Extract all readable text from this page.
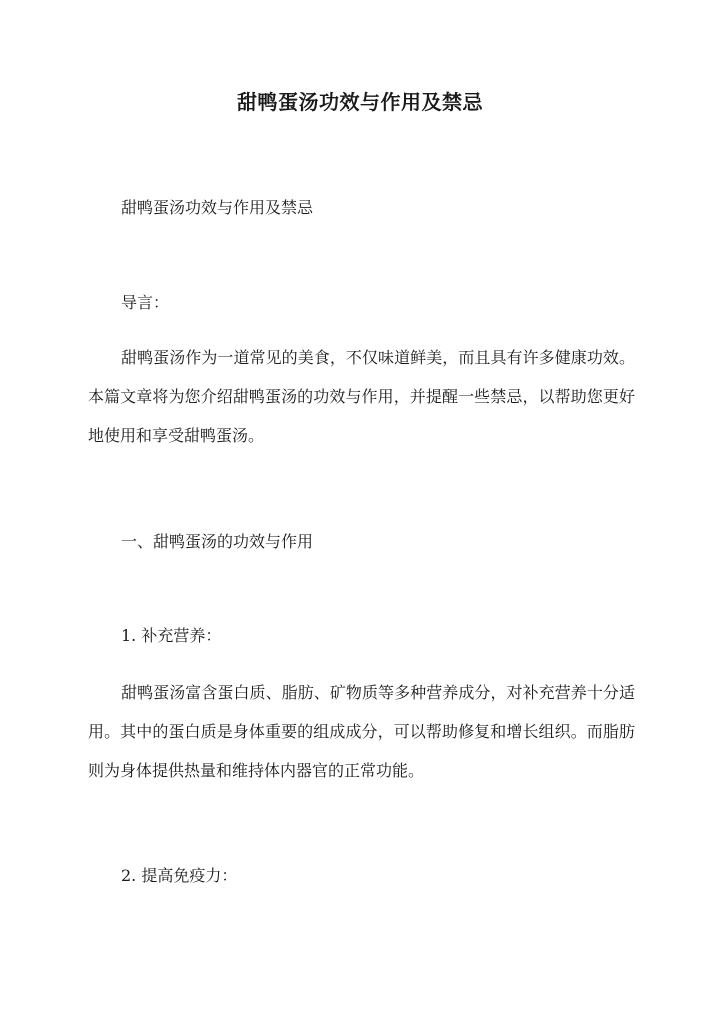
甜鸭蛋汤功效与作用及禁忌
甜鸭蛋汤功效与作用及禁忌
导言：
甜鸭蛋汤作为一道常见的美食，不仅味道鲜美，而且具有许多健康功效。本篇文章将为您介绍甜鸭蛋汤的功效与作用，并提醒一些禁忌，以帮助您更好地使用和享受甜鸭蛋汤。
一、甜鸭蛋汤的功效与作用
1. 补充营养：
甜鸭蛋汤富含蛋白质、脂肪、矿物质等多种营养成分，对补充营养十分适用。其中的蛋白质是身体重要的组成成分，可以帮助修复和增长组织。而脂肪则为身体提供热量和维持体内器官的正常功能。
2. 提高免疫力：
